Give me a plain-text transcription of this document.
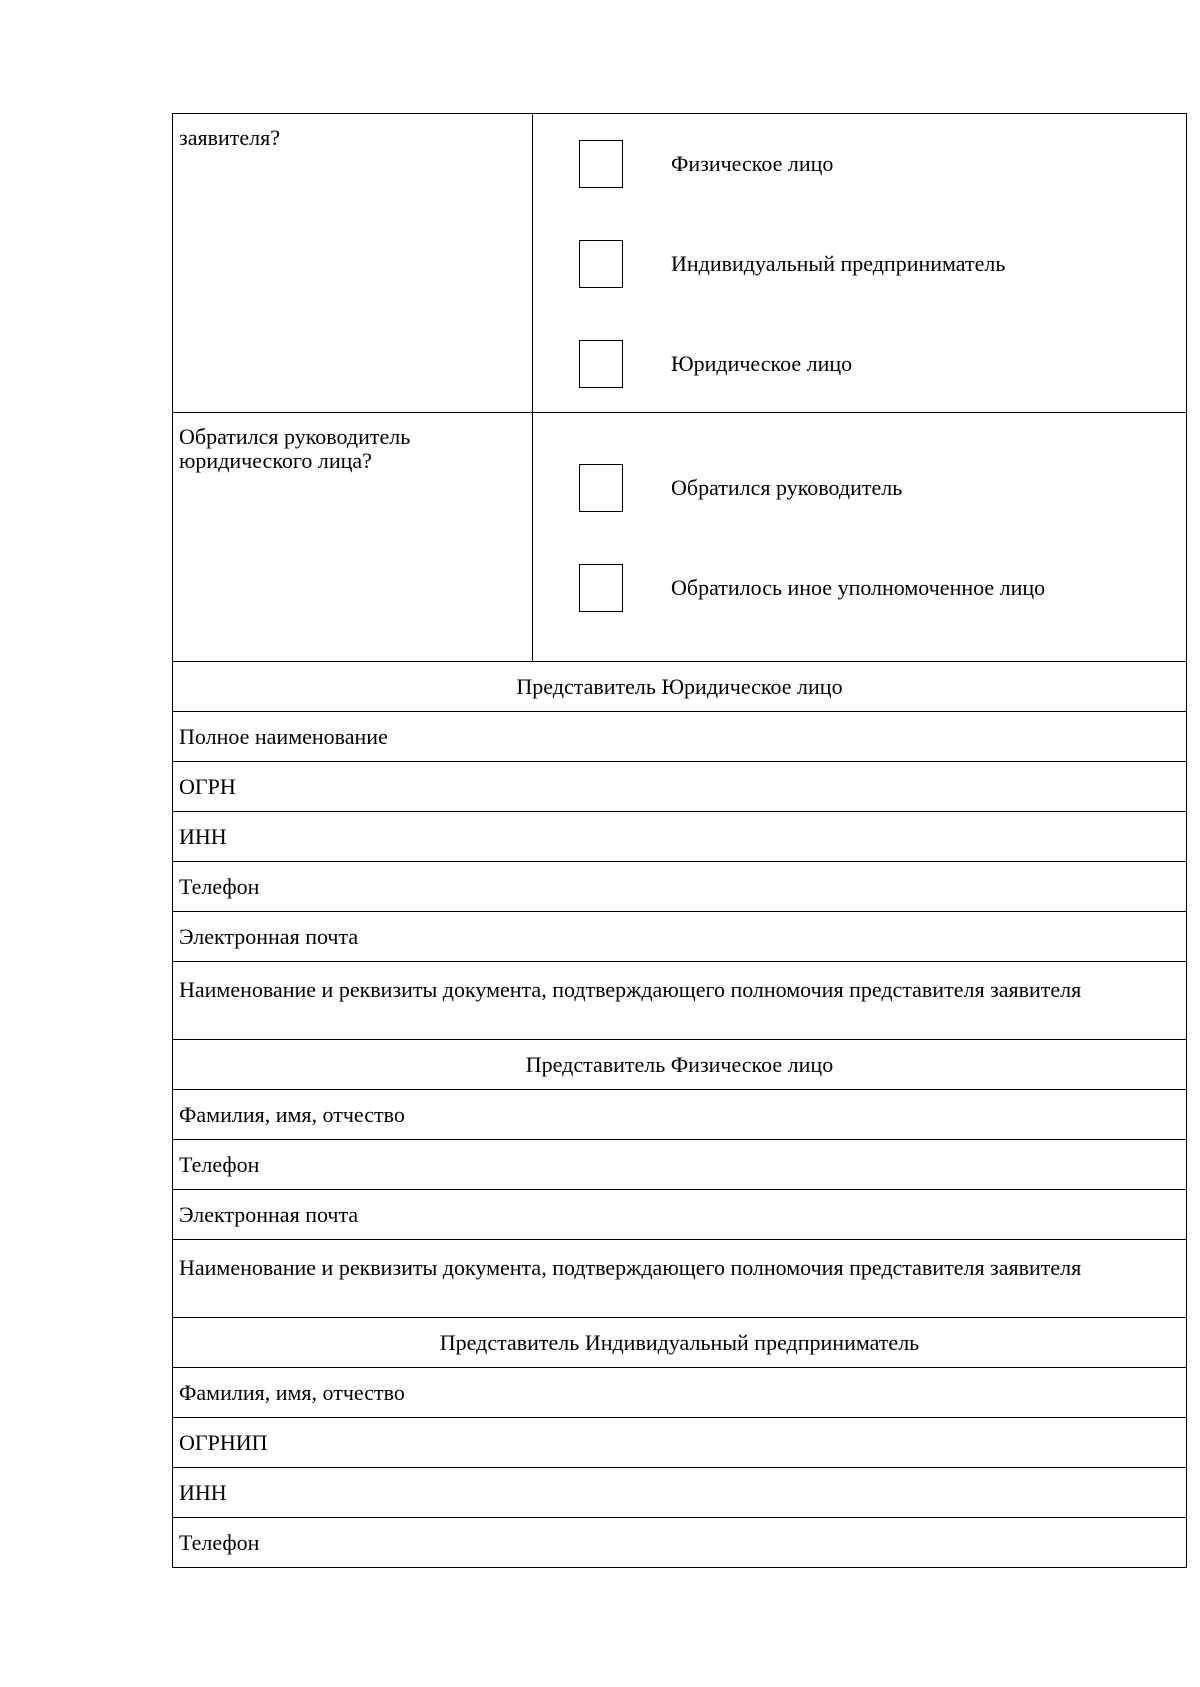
заявителя?
Физическое лицо
Индивидуальный предприниматель
Юридическое лицо
Обратился руководитель юридического лица?
Обратился руководитель
Обратилось иное уполномоченное лицо
Представитель Юридическое лицо
Полное наименование
ОГРН
ИНН
Телефон
Электронная почта
Наименование и реквизиты документа, подтверждающего полномочия представителя заявителя
Представитель Физическое лицо
Фамилия, имя, отчество
Телефон
Электронная почта
Наименование и реквизиты документа, подтверждающего полномочия представителя заявителя
Представитель Индивидуальный предприниматель
Фамилия, имя, отчество
ОГРНИП
ИНН
Телефон
